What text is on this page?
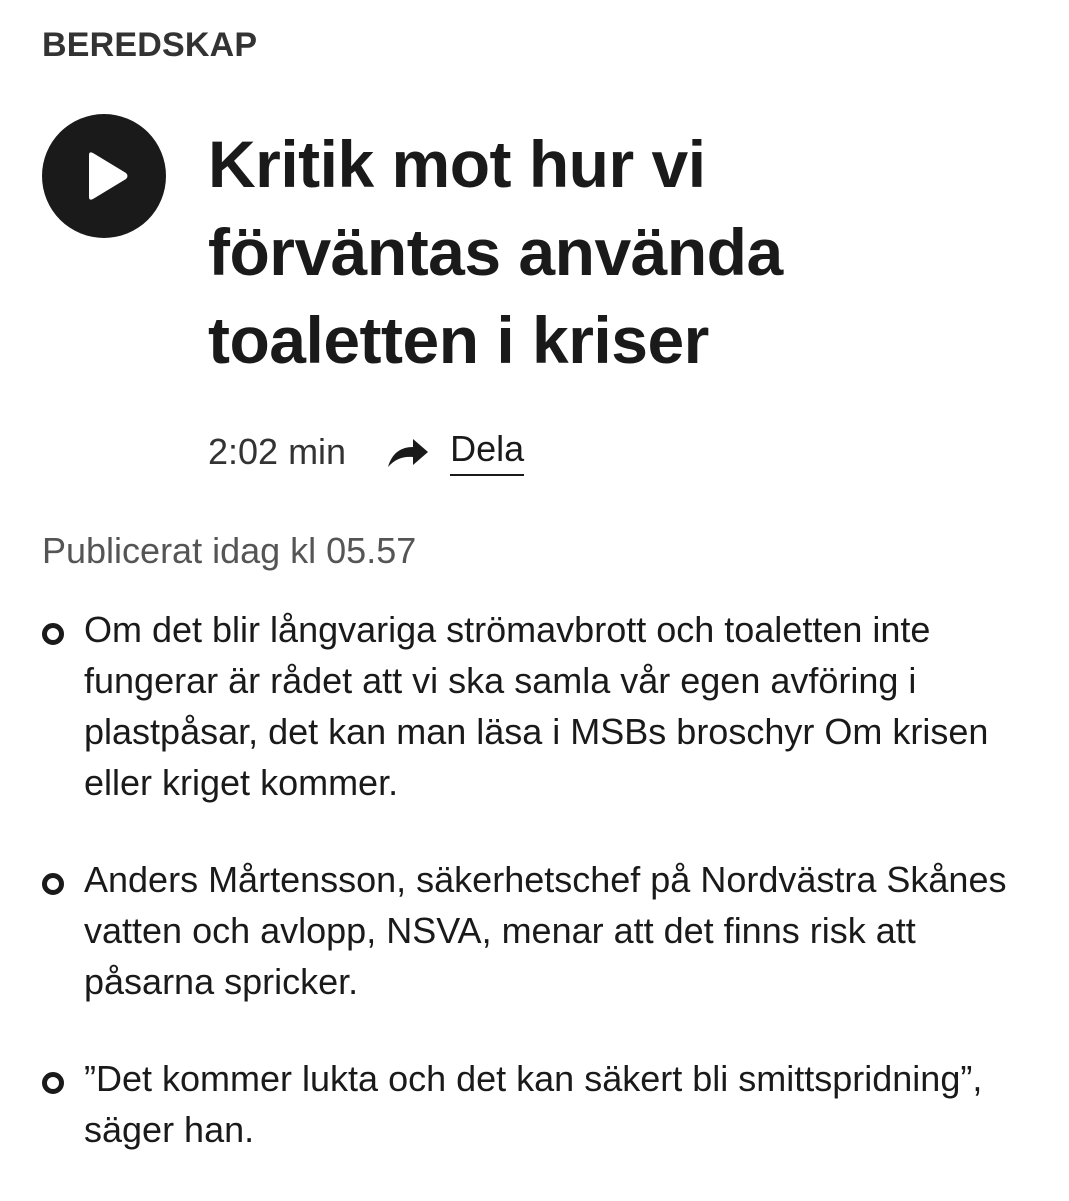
BEREDSKAP
Kritik mot hur vi förväntas använda toaletten i kriser
2:02 min	Dela
Publicerat idag kl 05.57
Om det blir långvariga strömavbrott och toaletten inte fungerar är rådet att vi ska samla vår egen avföring i plastpåsar, det kan man läsa i MSBs broschyr Om krisen eller kriget kommer.
Anders Mårtensson, säkerhetschef på Nordvästra Skånes vatten och avlopp, NSVA, menar att det finns risk att påsarna spricker.
”Det kommer lukta och det kan säkert bli smittspridning”, säger han.
